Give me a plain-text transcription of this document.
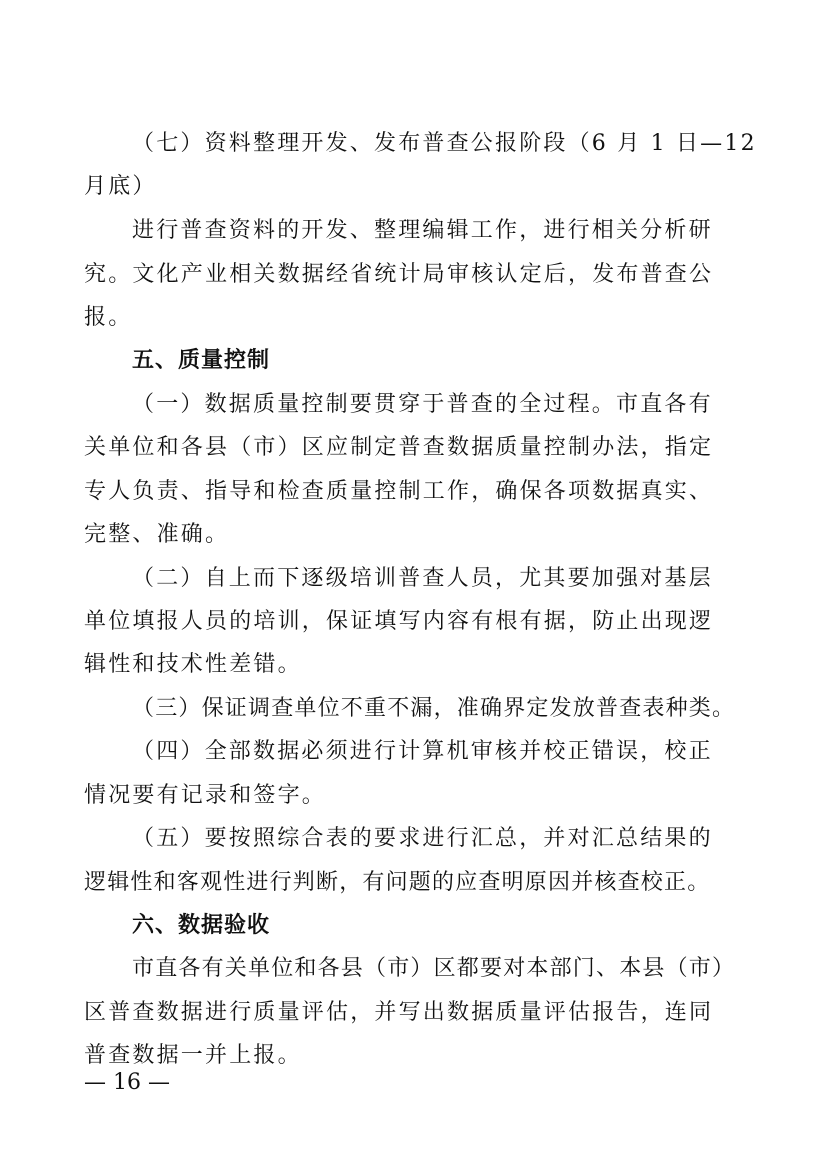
（七）资料整理开发、发布普查公报阶段（6 月 1 日—12
月底）
进行普查资料的开发、整理编辑工作，进行相关分析研
究。文化产业相关数据经省统计局审核认定后，发布普查公
报。
五、质量控制
（一）数据质量控制要贯穿于普查的全过程。市直各有
关单位和各县（市）区应制定普查数据质量控制办法，指定
专人负责、指导和检查质量控制工作，确保各项数据真实、
完整、准确。
（二）自上而下逐级培训普查人员，尤其要加强对基层
单位填报人员的培训，保证填写内容有根有据，防止出现逻
辑性和技术性差错。
（三）保证调查单位不重不漏，准确界定发放普查表种类。
（四）全部数据必须进行计算机审核并校正错误，校正
情况要有记录和签字。
（五）要按照综合表的要求进行汇总，并对汇总结果的
逻辑性和客观性进行判断，有问题的应查明原因并核查校正。
六、数据验收
市直各有关单位和各县（市）区都要对本部门、本县（市）
区普查数据进行质量评估，并写出数据质量评估报告，连同
普查数据一并上报。
— 16 —
